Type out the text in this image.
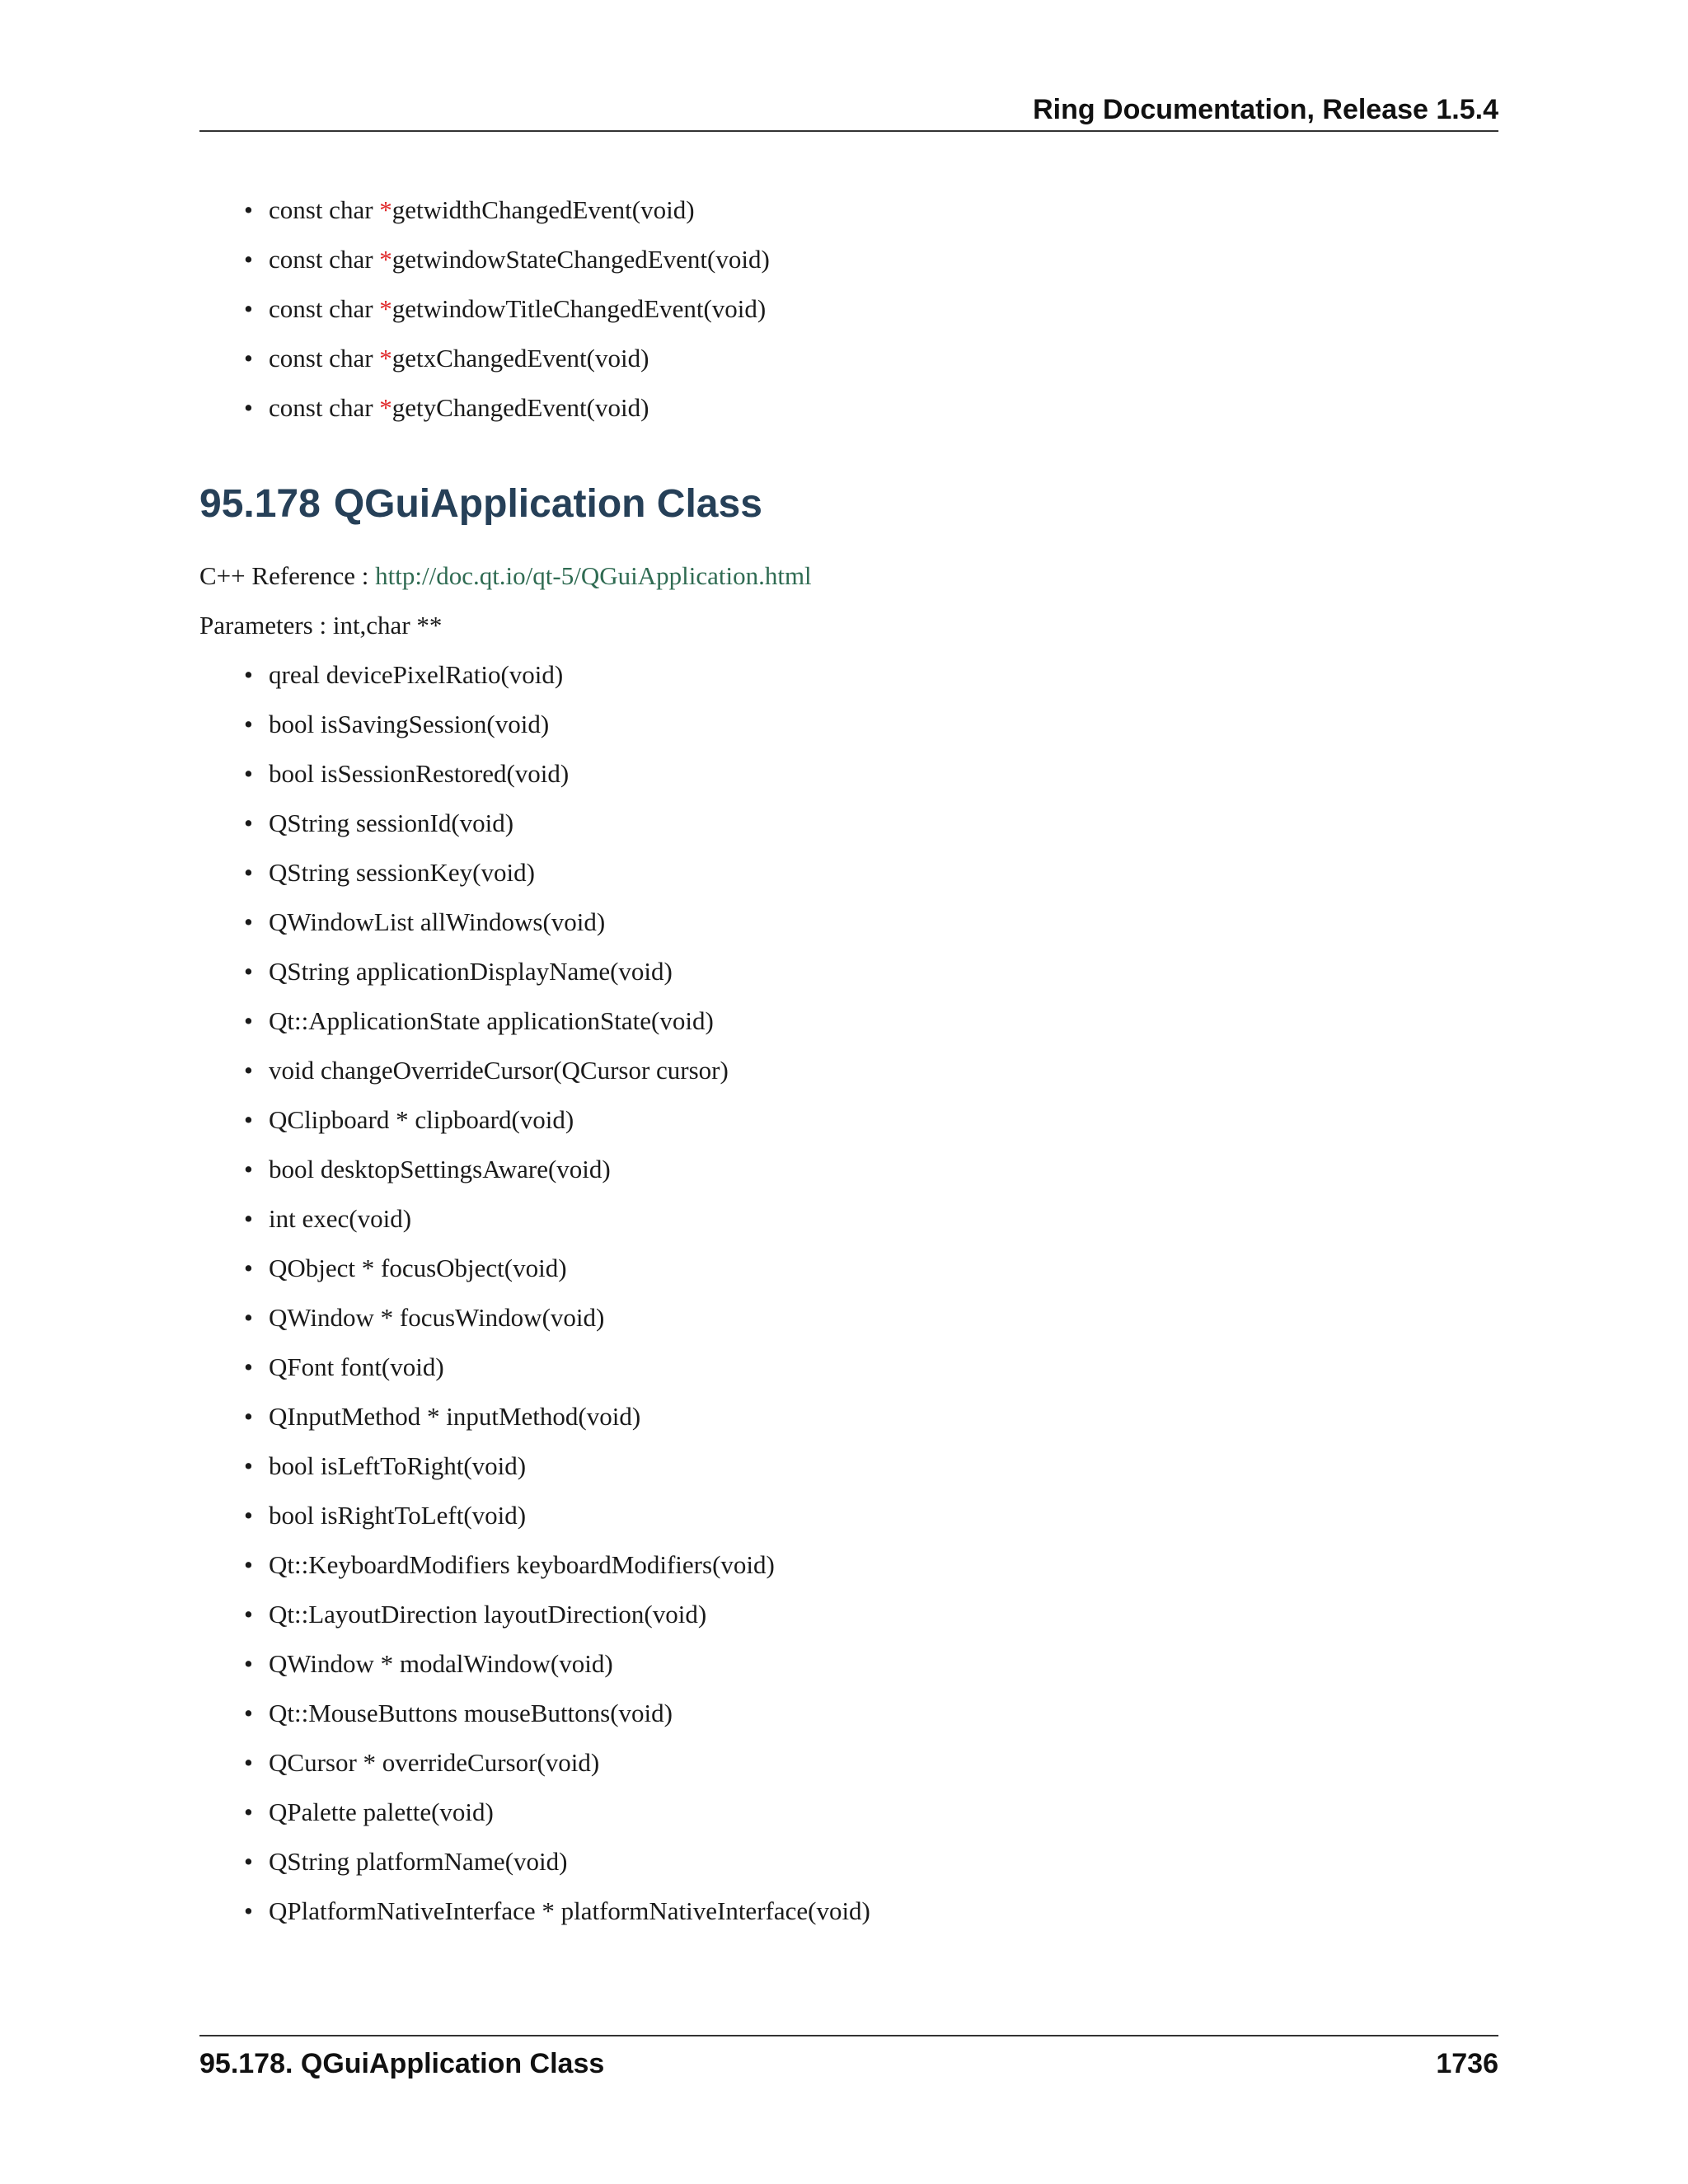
Ring Documentation, Release 1.5.4
• const char *getwidthChangedEvent(void)
• const char *getwindowStateChangedEvent(void)
• const char *getwindowTitleChangedEvent(void)
• const char *getxChangedEvent(void)
• const char *getyChangedEvent(void)
95.178 QGuiApplication Class
C++ Reference : http://doc.qt.io/qt-5/QGuiApplication.html
Parameters : int,char **
• qreal devicePixelRatio(void)
• bool isSavingSession(void)
• bool isSessionRestored(void)
• QString sessionId(void)
• QString sessionKey(void)
• QWindowList allWindows(void)
• QString applicationDisplayName(void)
• Qt::ApplicationState applicationState(void)
• void changeOverrideCursor(QCursor cursor)
• QClipboard * clipboard(void)
• bool desktopSettingsAware(void)
• int exec(void)
• QObject * focusObject(void)
• QWindow * focusWindow(void)
• QFont font(void)
• QInputMethod * inputMethod(void)
• bool isLeftToRight(void)
• bool isRightToLeft(void)
• Qt::KeyboardModifiers keyboardModifiers(void)
• Qt::LayoutDirection layoutDirection(void)
• QWindow * modalWindow(void)
• Qt::MouseButtons mouseButtons(void)
• QCursor * overrideCursor(void)
• QPalette palette(void)
• QString platformName(void)
• QPlatformNativeInterface * platformNativeInterface(void)
95.178. QGuiApplication Class	1736
